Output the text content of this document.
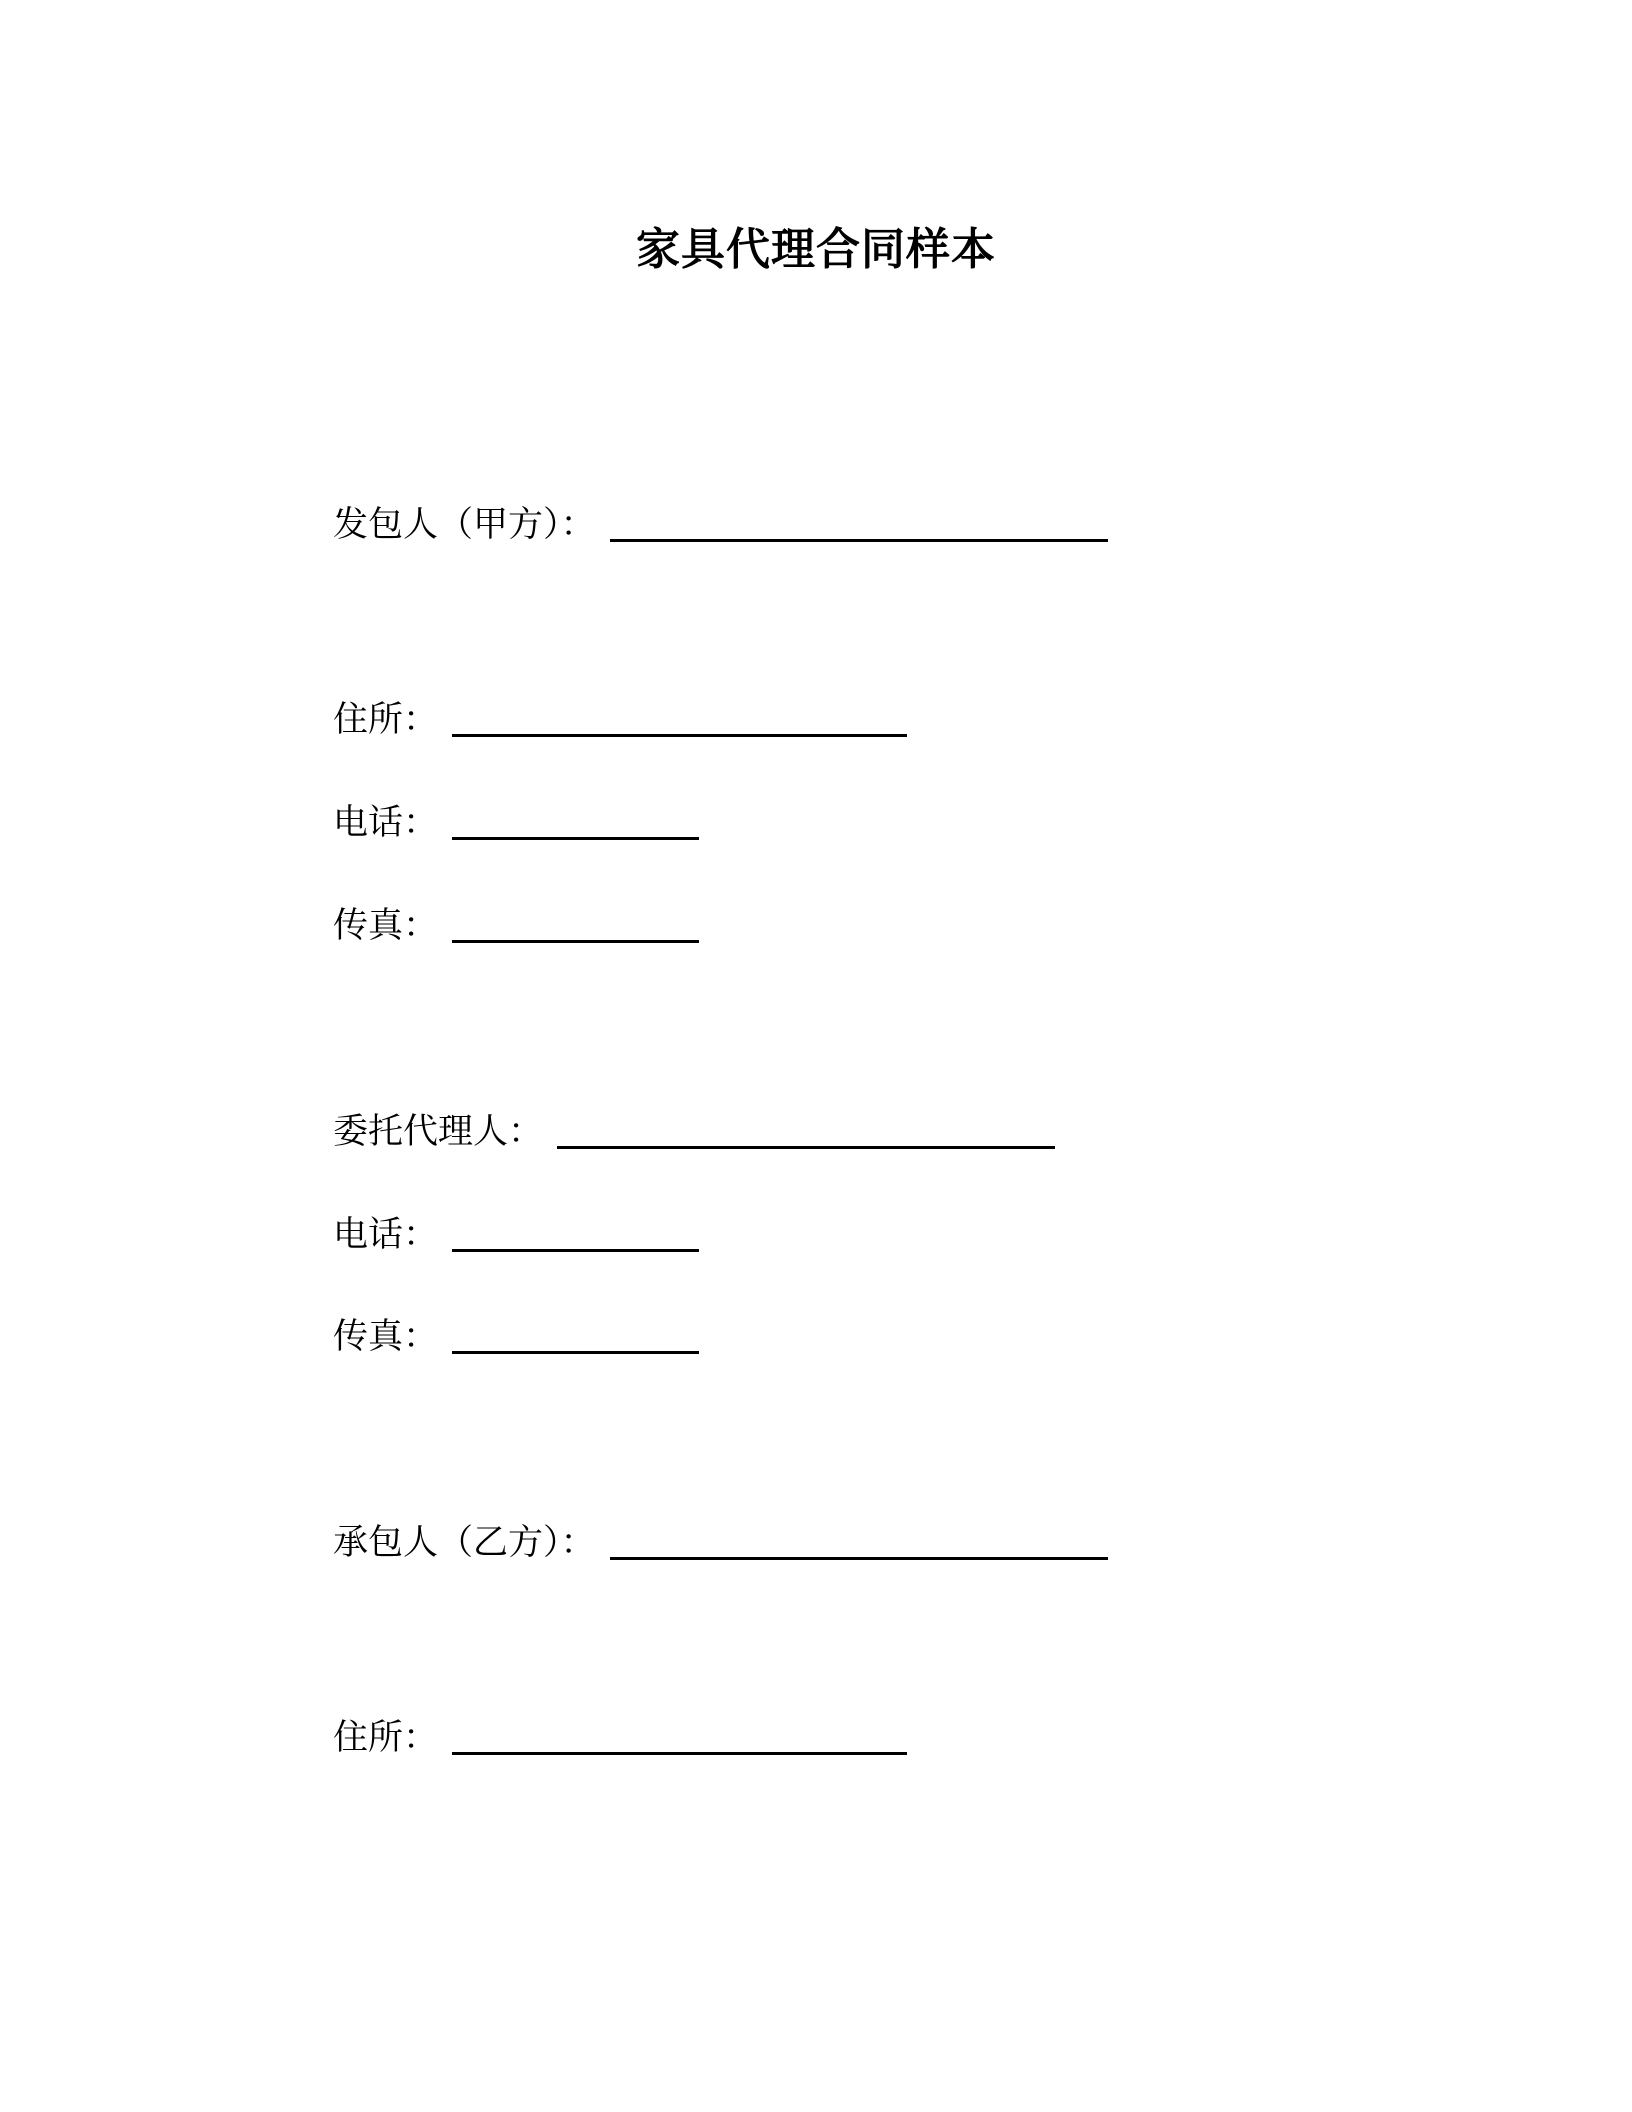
家具代理合同样本
发包人（甲方）：
住所：
电话：
传真：
委托代理人：
电话：
传真：
承包人（乙方）：
住所：
